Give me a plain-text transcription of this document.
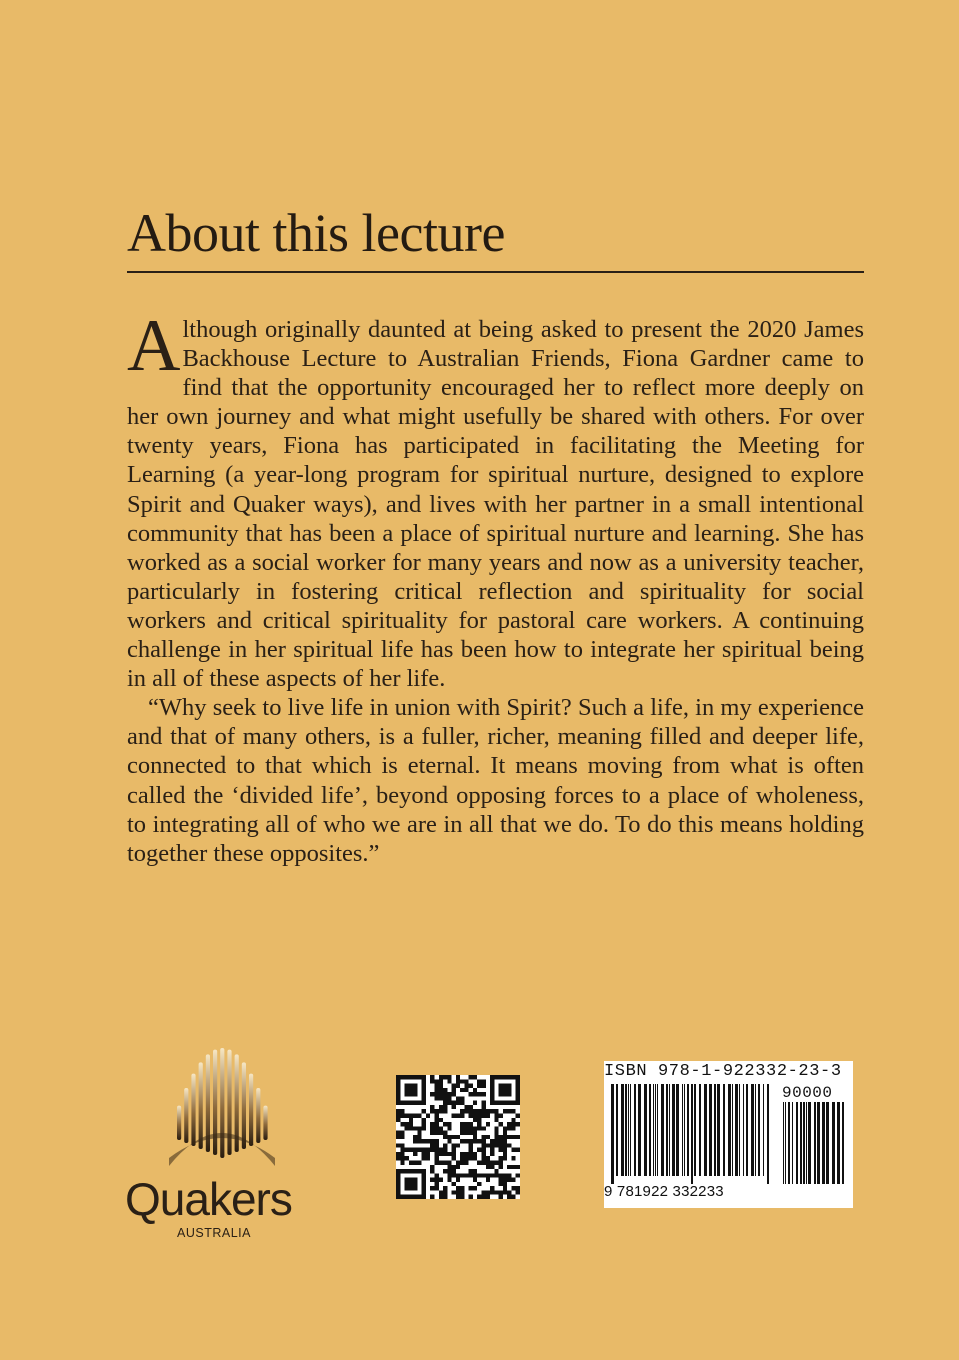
About this lecture

Although originally daunted at being asked to present the 2020 James Backhouse Lecture to Australian Friends, Fiona Gardner came to find that the opportunity encouraged her to reflect more deeply on her own journey and what might usefully be shared with others. For over twenty years, Fiona has participated in facilitating the Meeting for Learning (a year-long program for spiritual nurture, designed to explore Spirit and Quaker ways), and lives with her partner in a small intentional community that has been a place of spiritual nurture and learning. She has worked as a social worker for many years and now as a university teacher, particularly in fostering critical reflection and spirituality for social workers and critical spirituality for pastoral care workers. A continuing challenge in her spiritual life has been how to integrate her spiritual being in all of these aspects of her life.

“Why seek to live life in union with Spirit? Such a life, in my experience and that of many others, is a fuller, richer, meaning filled and deeper life, connected to that which is eternal. It means moving from what is often called the ‘divided life’, beyond opposing forces to a place of wholeness, to integrating all of who we are in all that we do. To do this means holding together these opposites.”

Quakers
AUSTRALIA
ISBN 978-1-922332-23-3
90000
9 781922 332233
